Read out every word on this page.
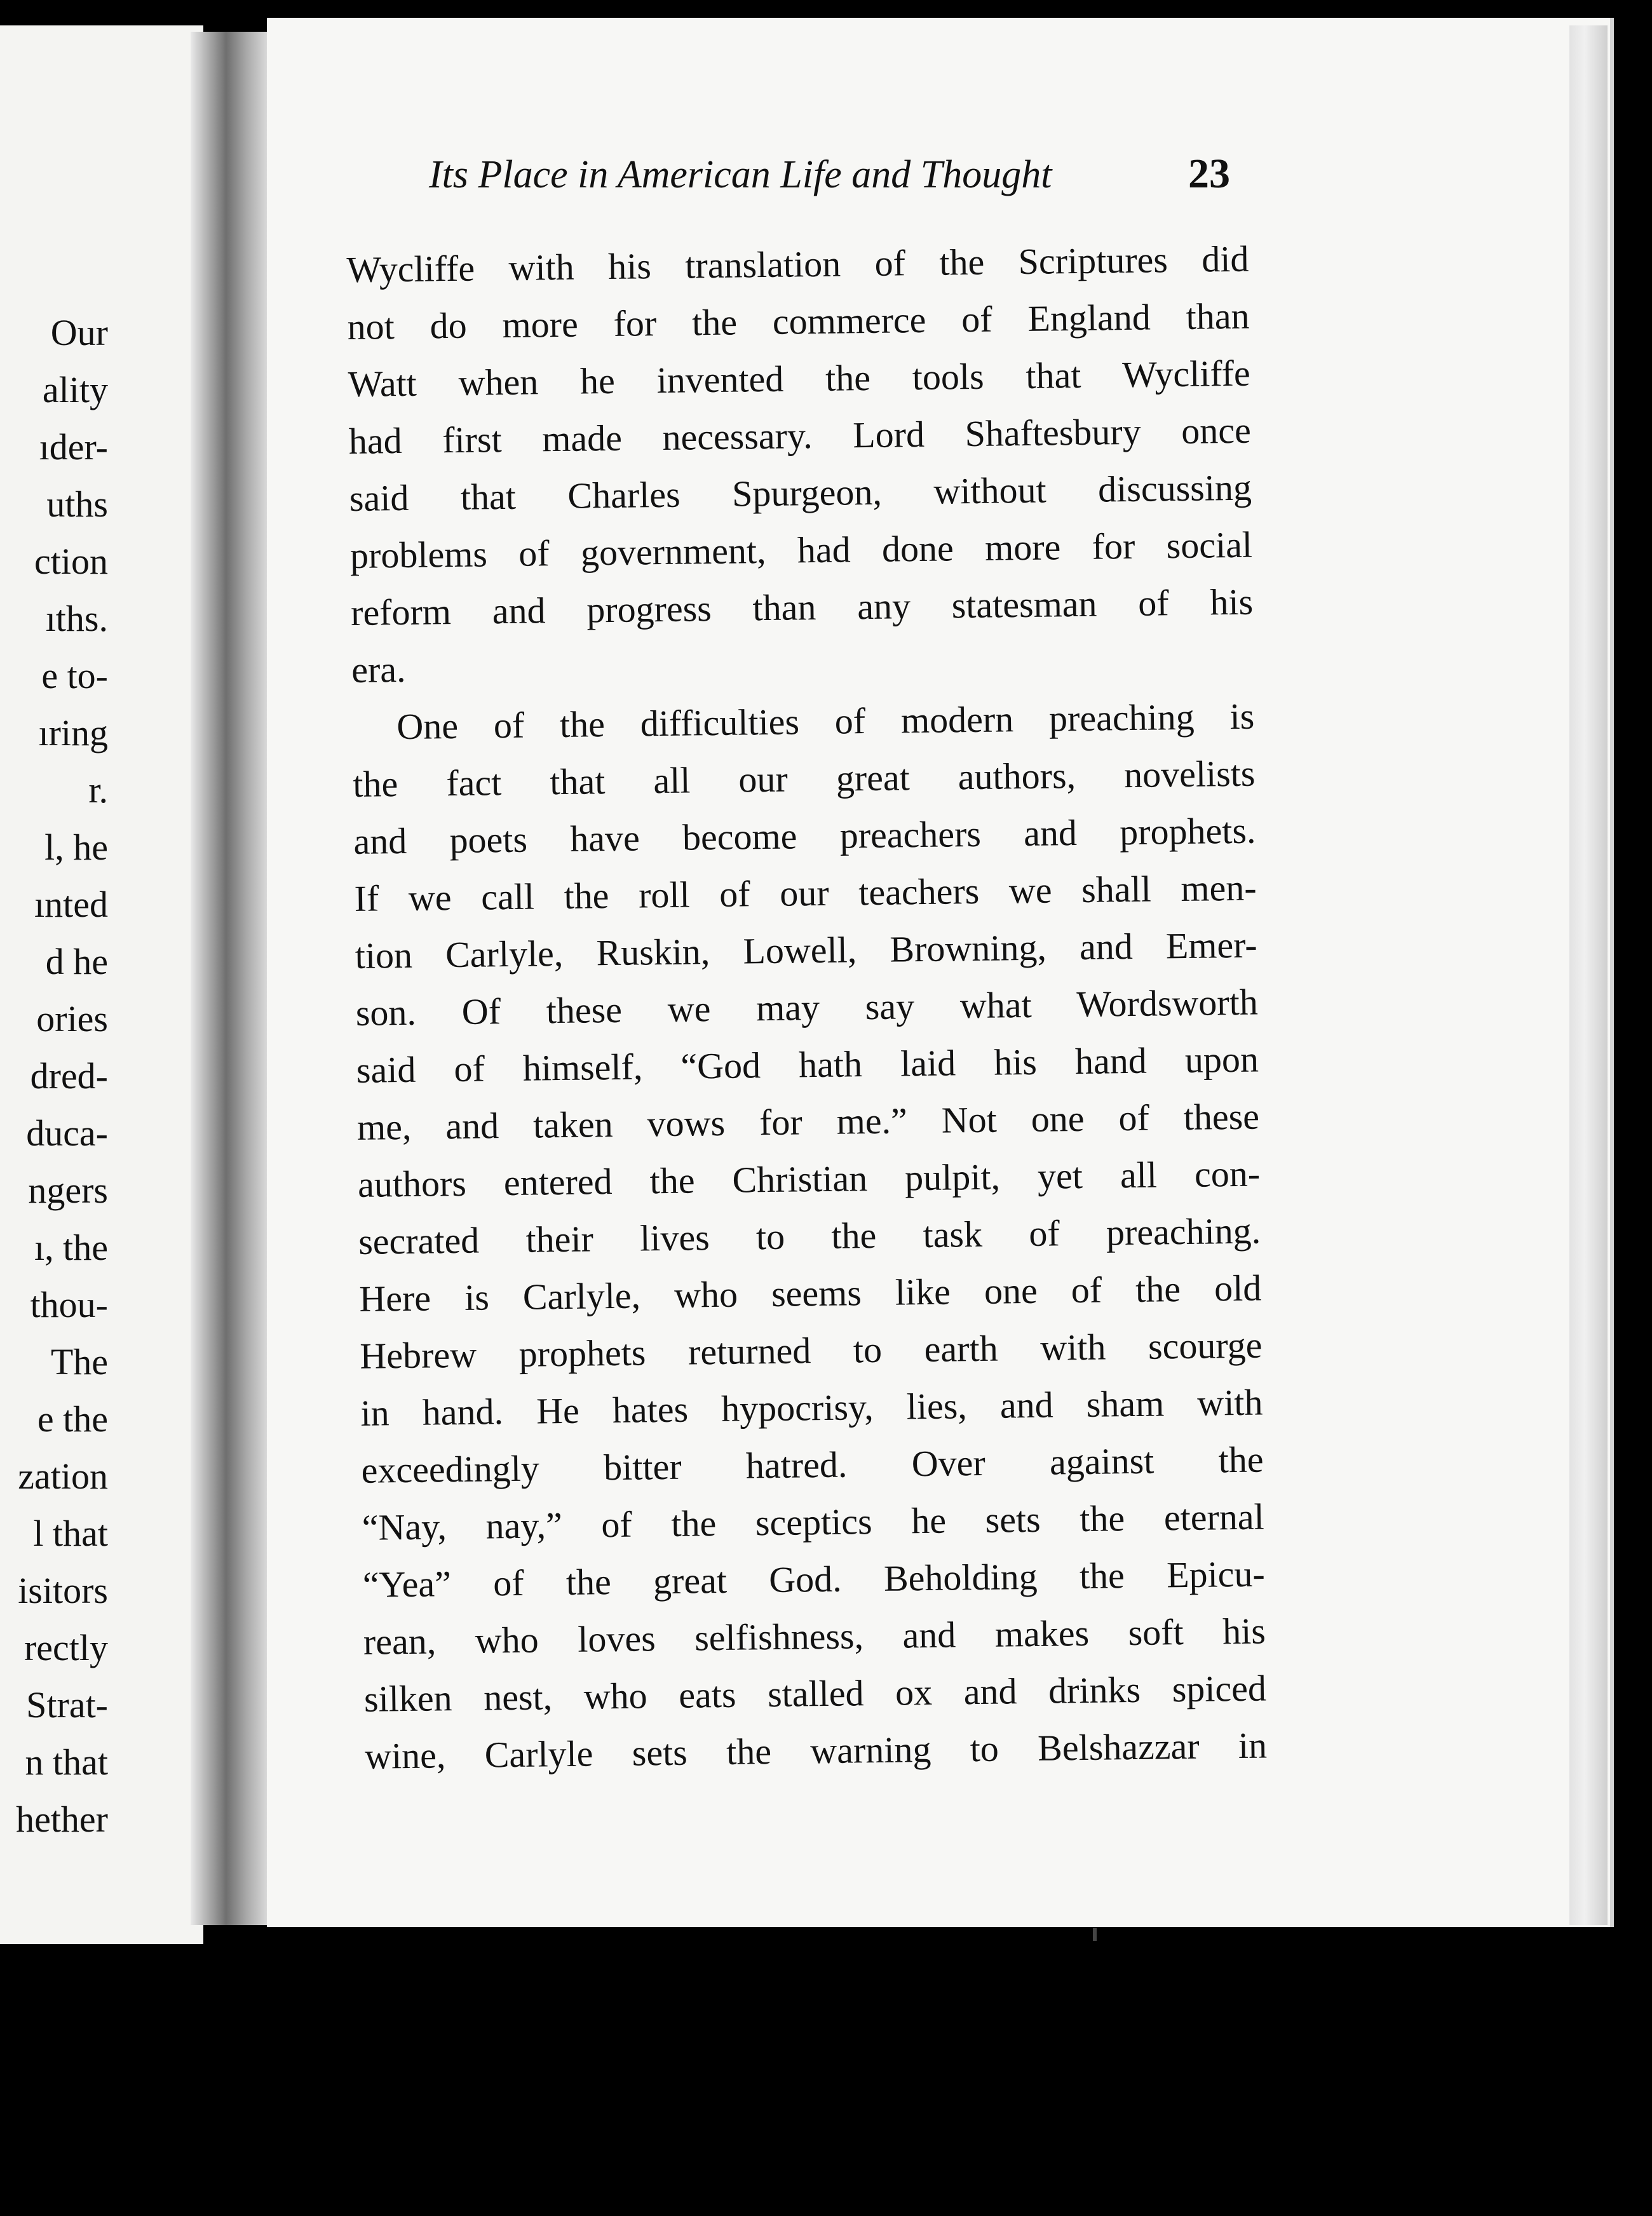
Our

ality

ıder-

uths

ction

ıths.

e to-

ıring

r.

l, he

ınted

d he

ories

dred-

duca-

ngers

ı, the

thou-

The

e the

zation

l that

isitors

rectly

Strat-

n that

hether

Its Place in American Life and Thought	23

Wycliffe with his translation of the Scriptures did

not do more for the commerce of England than

Watt when he invented the tools that Wycliffe

had first made necessary. Lord Shaftesbury once

said that Charles Spurgeon, without discussing

problems of government, had done more for social

reform and progress than any statesman of his

era.

One of the difficulties of modern preaching is

the fact that all our great authors, novelists

and poets have become preachers and prophets.

If we call the roll of our teachers we shall men-

tion Carlyle, Ruskin, Lowell, Browning, and Emer-

son. Of these we may say what Wordsworth

said of himself, “God hath laid his hand upon

me, and taken vows for me.” Not one of these

authors entered the Christian pulpit, yet all con-

secrated their lives to the task of preaching.

Here is Carlyle, who seems like one of the old

Hebrew prophets returned to earth with scourge

in hand. He hates hypocrisy, lies, and sham with

exceedingly bitter hatred. Over against the

“Nay, nay,” of the sceptics he sets the eternal

“Yea” of the great God. Beholding the Epicu-

rean, who loves selfishness, and makes soft his

silken nest, who eats stalled ox and drinks spiced

wine, Carlyle sets the warning to Belshazzar in
